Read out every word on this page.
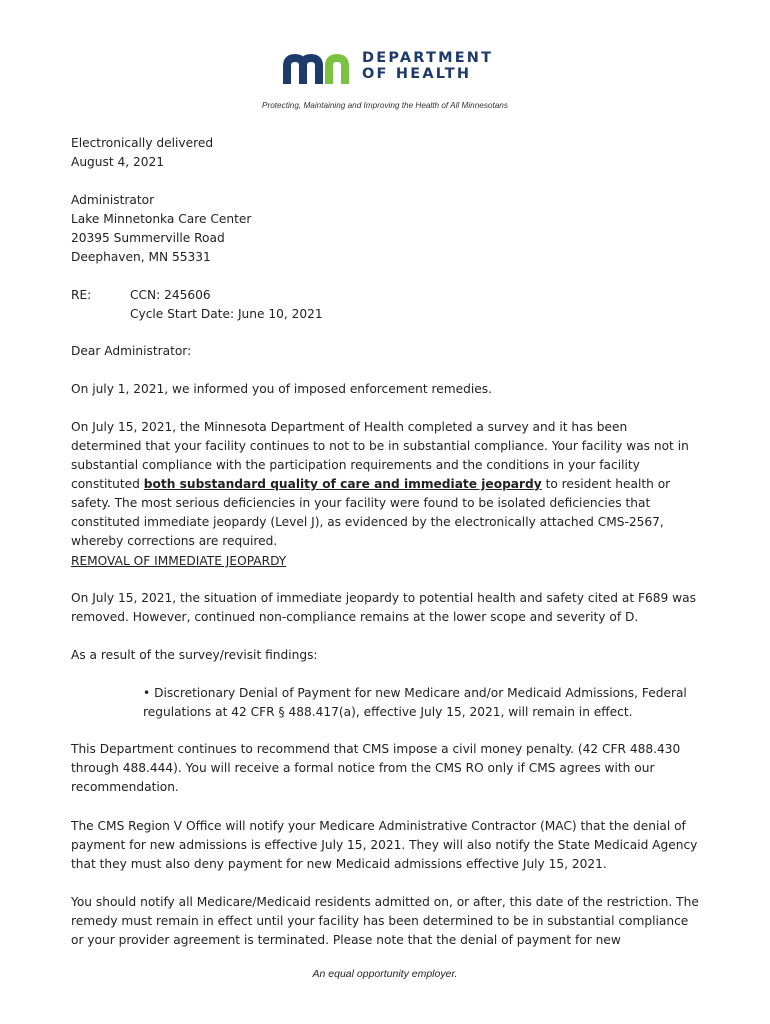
DEPARTMENT
OF HEALTH
Protecting, Maintaining and Improving the Health of All Minnesotans
Electronically delivered
August 4, 2021
Administrator
Lake Minnetonka Care Center
20395 Summerville Road
Deephaven, MN 55331
RE:	CCN: 245606
Cycle Start Date: June 10, 2021

Dear Administrator:

On july 1, 2021, we informed you of imposed enforcement remedies.

On July 15, 2021, the Minnesota Department of Health completed a survey and it has been determined that your facility continues to not to be in substantial compliance. Your facility was not in substantial compliance with the participation requirements and the conditions in your facility constituted both substandard quality of care and immediate jeopardy to resident health or safety. The most serious deficiencies in your facility were found to be isolated deficiencies that constituted immediate jeopardy (Level J), as evidenced by the electronically attached CMS-2567, whereby corrections are required.

REMOVAL OF IMMEDIATE JEOPARDY

On July 15, 2021, the situation of immediate jeopardy to potential health and safety cited at F689 was removed. However, continued non-compliance remains at the lower scope and severity of D.

As a result of the survey/revisit findings:

• Discretionary Denial of Payment for new Medicare and/or Medicaid Admissions, Federal regulations at 42 CFR § 488.417(a), effective July 15, 2021, will remain in effect.

This Department continues to recommend that CMS impose a civil money penalty. (42 CFR 488.430 through 488.444). You will receive a formal notice from the CMS RO only if CMS agrees with our recommendation.

The CMS Region V Office will notify your Medicare Administrative Contractor (MAC) that the denial of payment for new admissions is effective July 15, 2021. They will also notify the State Medicaid Agency that they must also deny payment for new Medicaid admissions effective July 15, 2021.

You should notify all Medicare/Medicaid residents admitted on, or after, this date of the restriction. The remedy must remain in effect until your facility has been determined to be in substantial compliance or your provider agreement is terminated. Please note that the denial of payment for new

An equal opportunity employer.
